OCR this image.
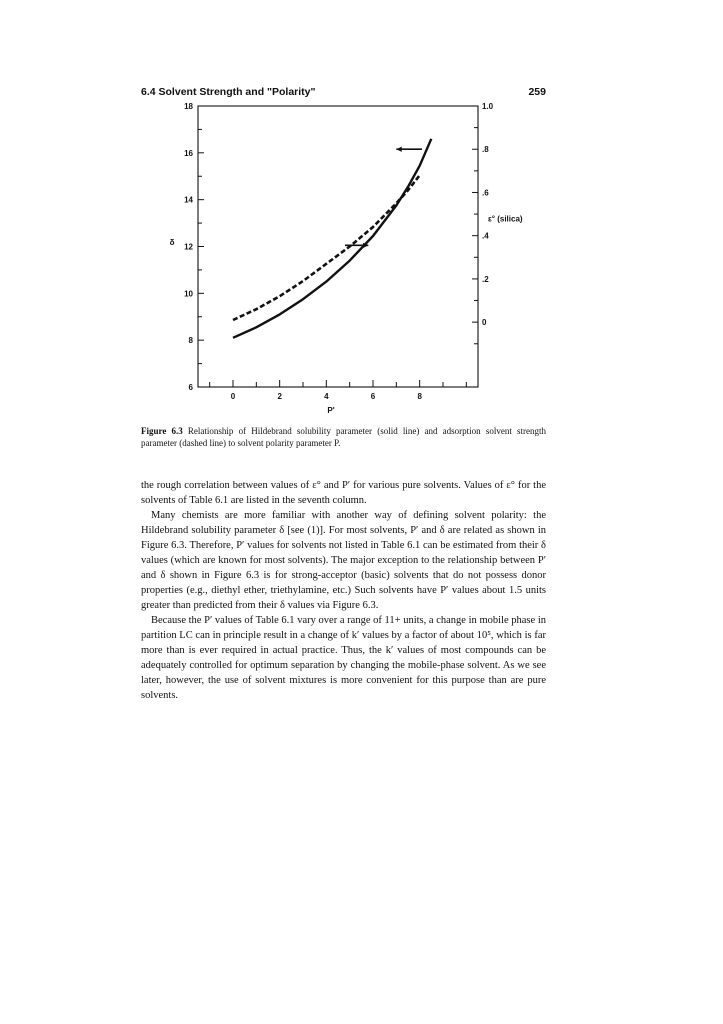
6.4 Solvent Strength and "Polarity"	259
6
8
10
12
14
16
18
0
.2
.4
.6
.8
1.0
0	2	4	6	8
P'
δ
ε° (silica)
Figure 6.3 Relationship of Hildebrand solubility parameter (solid line) and adsorption solvent strength parameter (dashed line) to solvent polarity parameter P.

the rough correlation between values of ε° and P′ for various pure solvents. Values of ε° for the solvents of Table 6.1 are listed in the seventh column.

Many chemists are more familiar with another way of defining solvent polarity: the Hildebrand solubility parameter δ [see (1)]. For most solvents, P′ and δ are related as shown in Figure 6.3. Therefore, P′ values for solvents not listed in Table 6.1 can be estimated from their δ values (which are known for most solvents). The major exception to the relationship between P′ and δ shown in Figure 6.3 is for strong-acceptor (basic) solvents that do not possess donor properties (e.g., diethyl ether, triethylamine, etc.) Such solvents have P′ values about 1.5 units greater than predicted from their δ values via Figure 6.3.

Because the P′ values of Table 6.1 vary over a range of 11+ units, a change in mobile phase in partition LC can in principle result in a change of k′ values by a factor of about 10⁵, which is far more than is ever required in actual practice. Thus, the k′ values of most compounds can be adequately controlled for optimum separation by changing the mobile-phase solvent. As we see later, however, the use of solvent mixtures is more convenient for this purpose than are pure solvents.
